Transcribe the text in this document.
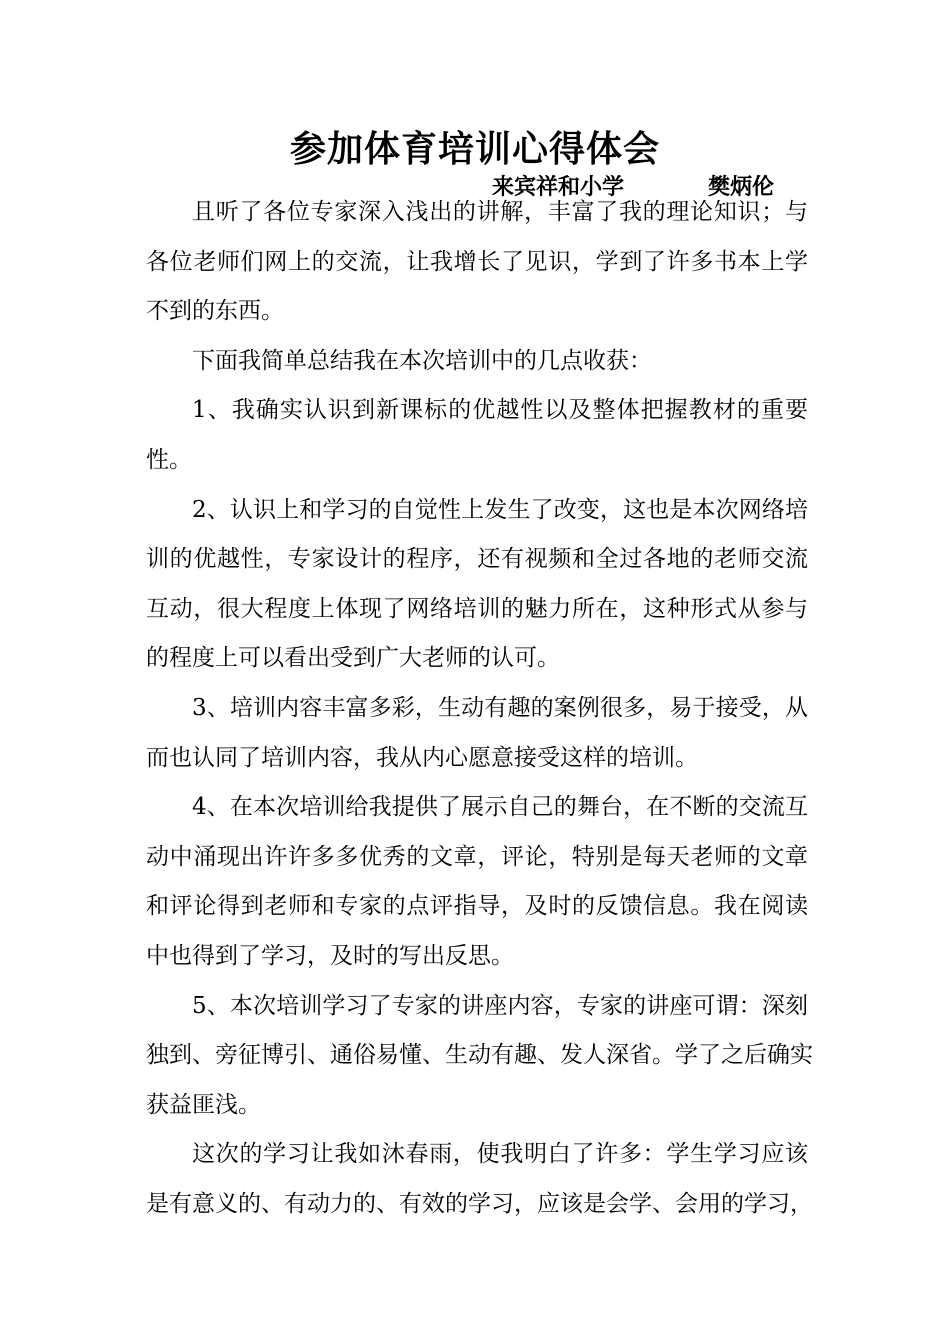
参加体育培训心得体会
来宾祥和小学	樊炳伦
且听了各位专家深入浅出的讲解，丰富了我的理论知识；与
各位老师们网上的交流，让我增长了见识，学到了许多书本上学
不到的东西。
下面我简单总结我在本次培训中的几点收获：
1、我确实认识到新课标的优越性以及整体把握教材的重要
性。
2、认识上和学习的自觉性上发生了改变，这也是本次网络培
训的优越性，专家设计的程序，还有视频和全过各地的老师交流
互动，很大程度上体现了网络培训的魅力所在，这种形式从参与
的程度上可以看出受到广大老师的认可。
3、培训内容丰富多彩，生动有趣的案例很多，易于接受，从
而也认同了培训内容，我从内心愿意接受这样的培训。
4、在本次培训给我提供了展示自己的舞台，在不断的交流互
动中涌现出许许多多优秀的文章，评论，特别是每天老师的文章
和评论得到老师和专家的点评指导，及时的反馈信息。我在阅读
中也得到了学习，及时的写出反思。
5、本次培训学习了专家的讲座内容，专家的讲座可谓：深刻
独到、旁征博引、通俗易懂、生动有趣、发人深省。学了之后确实
获益匪浅。
这次的学习让我如沐春雨，使我明白了许多：学生学习应该
是有意义的、有动力的、有效的学习，应该是会学、会用的学习，
